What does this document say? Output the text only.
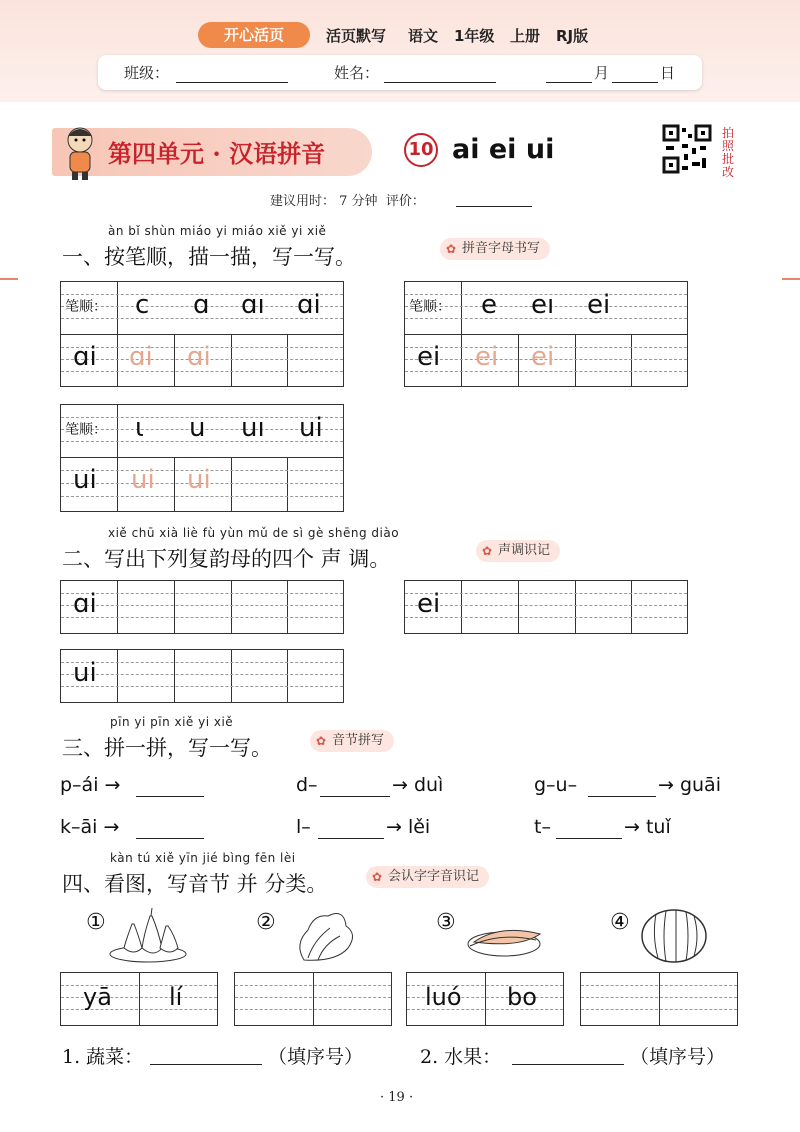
开心活页	活页默写 语文 1年级 上册 RJ版
班级：	姓名：	月	日
第四单元 · 汉语拼音	10 ai ei ui
拍
照
批
改
建议用时： 7 分钟 评价：
àn bǐ shùn miáo yi miáo xiě yi xiě
一、按笔顺，描一描，写一写。	✿ 拼音字母书写
笔顺： c ɑ ɑı ɑi
ɑi ɑi ɑi
笔顺： e eı ei
ei ei ei
笔顺： ι u uı ui
ui ui ui
xiě chū xià liè fù yùn mǔ de sì gè shēng diào
二、写出下列复韵母的四个 声 调。	✿ 声调识记
ɑi	ei
ui
pīn yi pīn xiě yi xiě
三、拼一拼，写一写。	✿ 音节拼写
p–ái →	d–	→ duì	g–u–	→ guāi
k–āi →	l–	→ lěi	t–	→ tuǐ
kàn tú xiě yīn jié bìng fēn lèi
四、看图，写音节 并 分类。	✿ 会认字字音识记
①	②	③	④
yā lí	luó bo
1. 蔬菜：	（填序号）	2. 水果：	（填序号）
· 19 ·
